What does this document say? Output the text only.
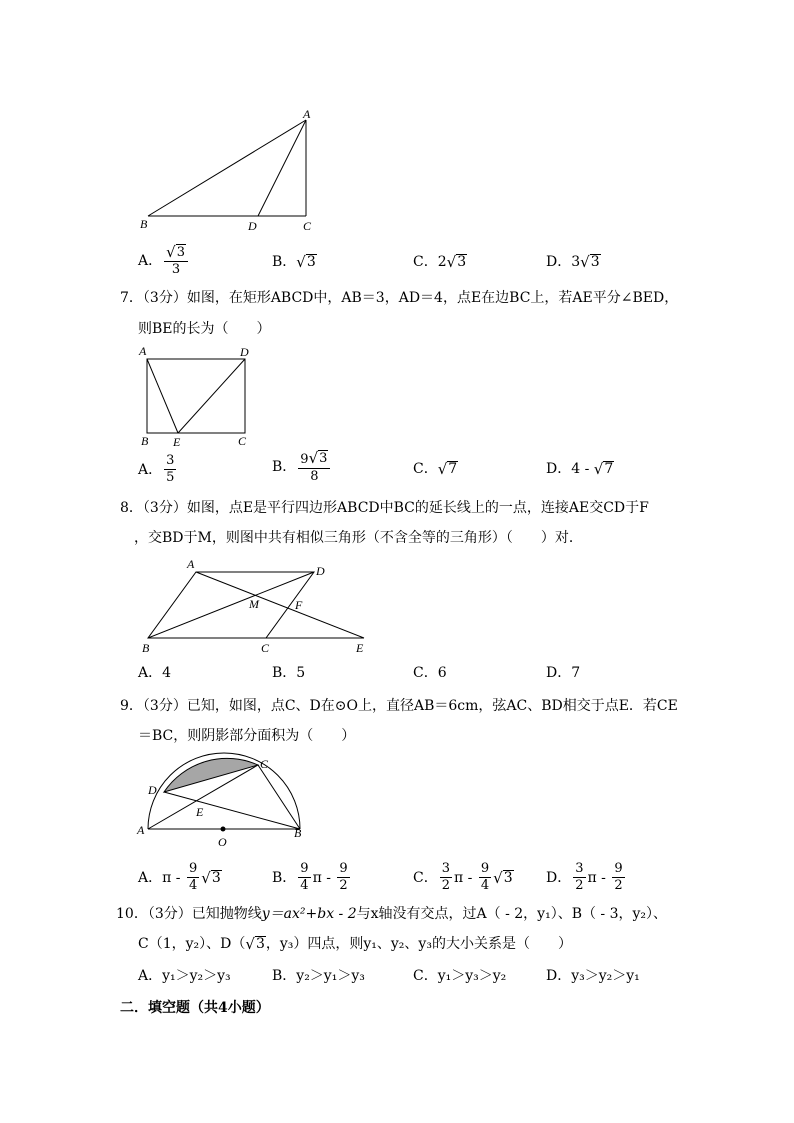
A
B	D	C
A． $\frac{√ 3}{3}$	B． √ 3	C． 2 √ 3	D． 3 √ 3
7．（3分）如图，在矩形ABCD中，AB＝3，AD＝4，点E在边BC上，若AE平分∠BED，
则BE的长为（　　）
A	D
B E	C
A． $\frac{3}{5}$	B． $\frac{9 √ 3}{8}$	C． √ 7	D． 4 - √ 7
8．（3分）如图，点E是平行四边形ABCD中BC的延长线上的一点，连接AE交CD于F
，交BD于M，则图中共有相似三角形（不含全等的三角形）（　　）对．
A	D
M	F
B	C	E
A．4	B．5	C．6	D．7
9．（3分）已知，如图，点C、D在⊙O上，直径AB＝6cm，弦AC、BD相交于点E．若CE
＝BC，则阴影部分面积为（　　）
C
D
E
A	B
O
A． π - $\frac{9}{4}$ √ 3	B． $\frac{9}{4}$ π - $\frac{9}{2}$	C． $\frac{3}{2}$ π - $\frac{9}{4}$ √ 3 D． $\frac{3}{2}$ π - $\frac{9}{2}$
10．（3分）已知抛物线y＝ax²+bx - 2与x轴没有交点，过A（ - 2，y₁）、B（ - 3，y₂）、
C（1，y₂）、D（ √ 3 ，y₃）四点，则y₁、y₂、y₃的大小关系是（　　）
A．y₁＞y₂＞y₃	B．y₂＞y₁＞y₃	C．y₁＞y₃＞y₂	D．y₃＞y₂＞y₁
二．填空题（共4小题）
